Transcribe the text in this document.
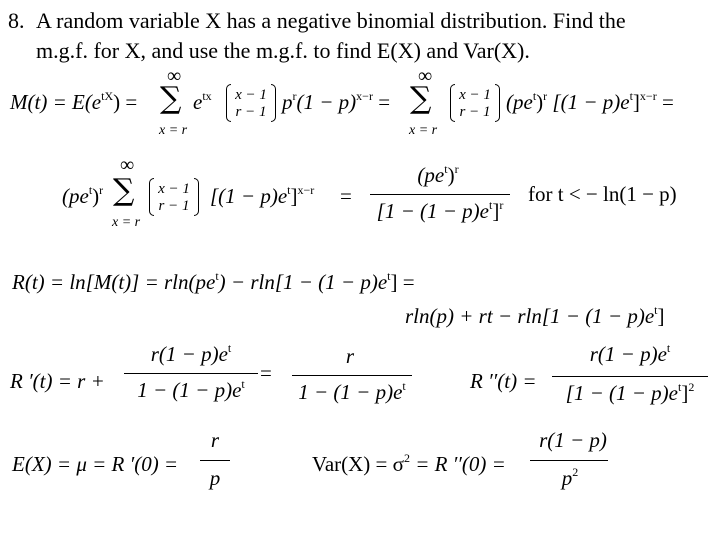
8. A random variable X has a negative binomial distribution. Find the
m.g.f. for X, and use the m.g.f. to find E(X) and Var(X).
∞	∞
$M(t) = E(e^{tX})$ = ∑ $e^{tx}$	x − 1
r − 1 $p^r(1 - p)^{x-r}$ = ∑	x − 1
r − 1 $(pe^t)^r$ $[(1 - p)e^t]^{x-r}$ =
x = r	x = r
∞
$(pe^t)^r$ ∑	x − 1
r − 1 $[(1 - p)e^t]^{x-r}$ =
$(pe^t)^r$
$[1 - (1 - p)e^t]^r$	for t < − ln(1 − p)
x = r
$R(t) = \ln[M(t)] = rln(pe^t) - rln[1 - (1 - p)e^t]$ =
rln(p) + rt − $rln[1 - (1 - p)e^t]$
R ′(t) = r +
$r(1 - p)e^t$
$1 - (1 - p)e^t$ =
r
$1 - (1 - p)e^t$	R ′′(t) =
$r(1 - p)e^t$
$[1 - (1 - p)e^t]^2$
E(X) = μ = R ′(0) =
r
p
$Var(X) = \sigma^2 = R$ ′′(0) =
r(1 − p)
$p^2$
